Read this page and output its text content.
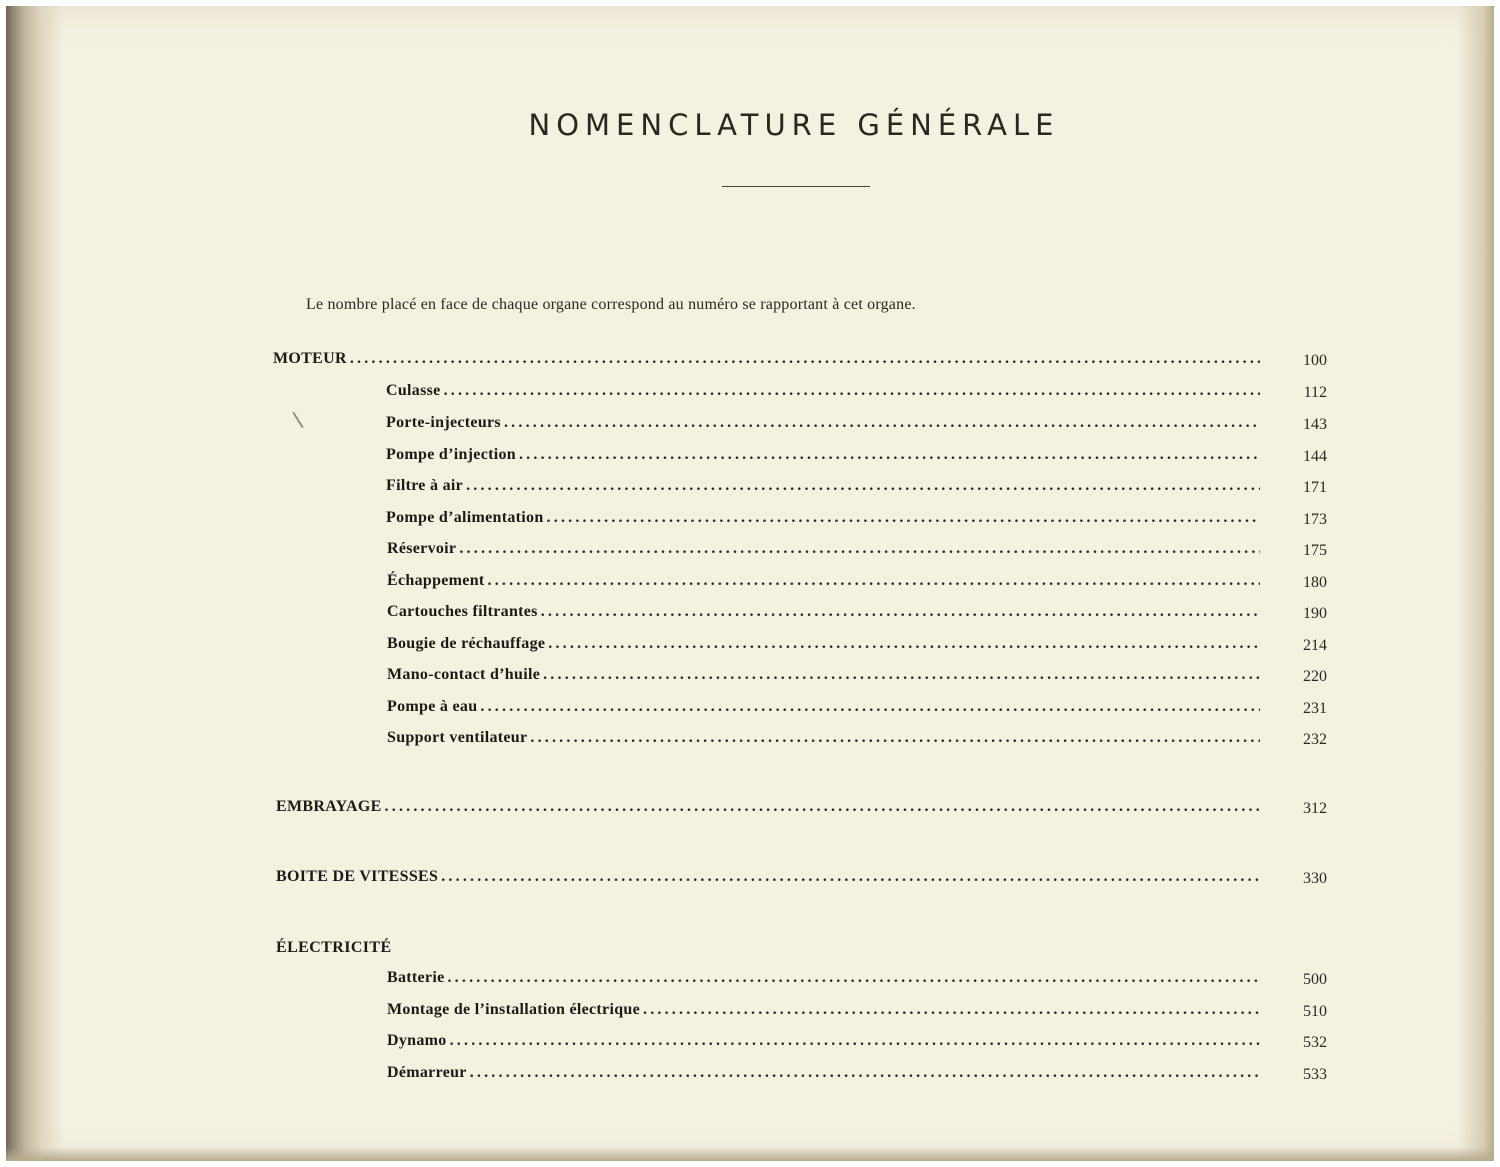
NOMENCLATURE GÉNÉRALE
Le nombre placé en face de chaque organe correspond au numéro se rapportant à cet organe.
MOTEUR . . .	100
Culasse . . .	112
Porte-injecteurs . . .	143
Pompe d’injection . . .	144
Filtre à air . . .	171
Pompe d’alimentation . . .	173
Réservoir . . .	175
Échappement . . .	180
Cartouches filtrantes . . .	190
Bougie de réchauffage . . .	214
Mano-contact d’huile . . .	220
Pompe à eau . . .	231
Support ventilateur . . .	232
EMBRAYAGE . . .	312
BOITE DE VITESSES . . .	330
ÉLECTRICITÉ
Batterie . . .	500
Montage de l’installation électrique . . .	510
Dynamo . . .	532
Démarreur . . .	533
